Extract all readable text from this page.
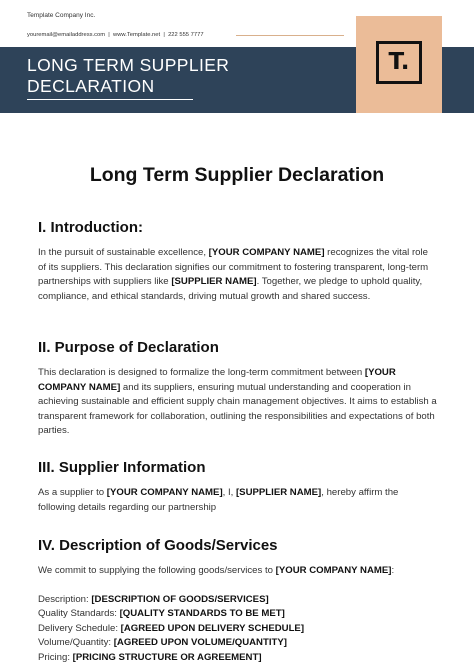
Template Company Inc.
youremail@emailaddress.com | www.Template.net | 222 555 7777
LONG TERM SUPPLIER
DECLARATION
T.
Long Term Supplier Declaration
I. Introduction:

In the pursuit of sustainable excellence, [YOUR COMPANY NAME] recognizes the vital role of its suppliers. This declaration signifies our commitment to fostering transparent, long-term partnerships with suppliers like [SUPPLIER NAME]. Together, we pledge to uphold quality, compliance, and ethical standards, driving mutual growth and shared success.

II. Purpose of Declaration

This declaration is designed to formalize the long-term commitment between [YOUR COMPANY NAME] and its suppliers, ensuring mutual understanding and cooperation in achieving sustainable and efficient supply chain management objectives. It aims to establish a transparent framework for collaboration, outlining the responsibilities and expectations of both parties.

III. Supplier Information

As a supplier to [YOUR COMPANY NAME], I, [SUPPLIER NAME], hereby affirm the following details regarding our partnership

IV. Description of Goods/Services

We commit to supplying the following goods/services to [YOUR COMPANY NAME]:

Description: [DESCRIPTION OF GOODS/SERVICES]
Quality Standards: [QUALITY STANDARDS TO BE MET]
Delivery Schedule: [AGREED UPON DELIVERY SCHEDULE]
Volume/Quantity: [AGREED UPON VOLUME/QUANTITY]
Pricing: [PRICING STRUCTURE OR AGREEMENT]
